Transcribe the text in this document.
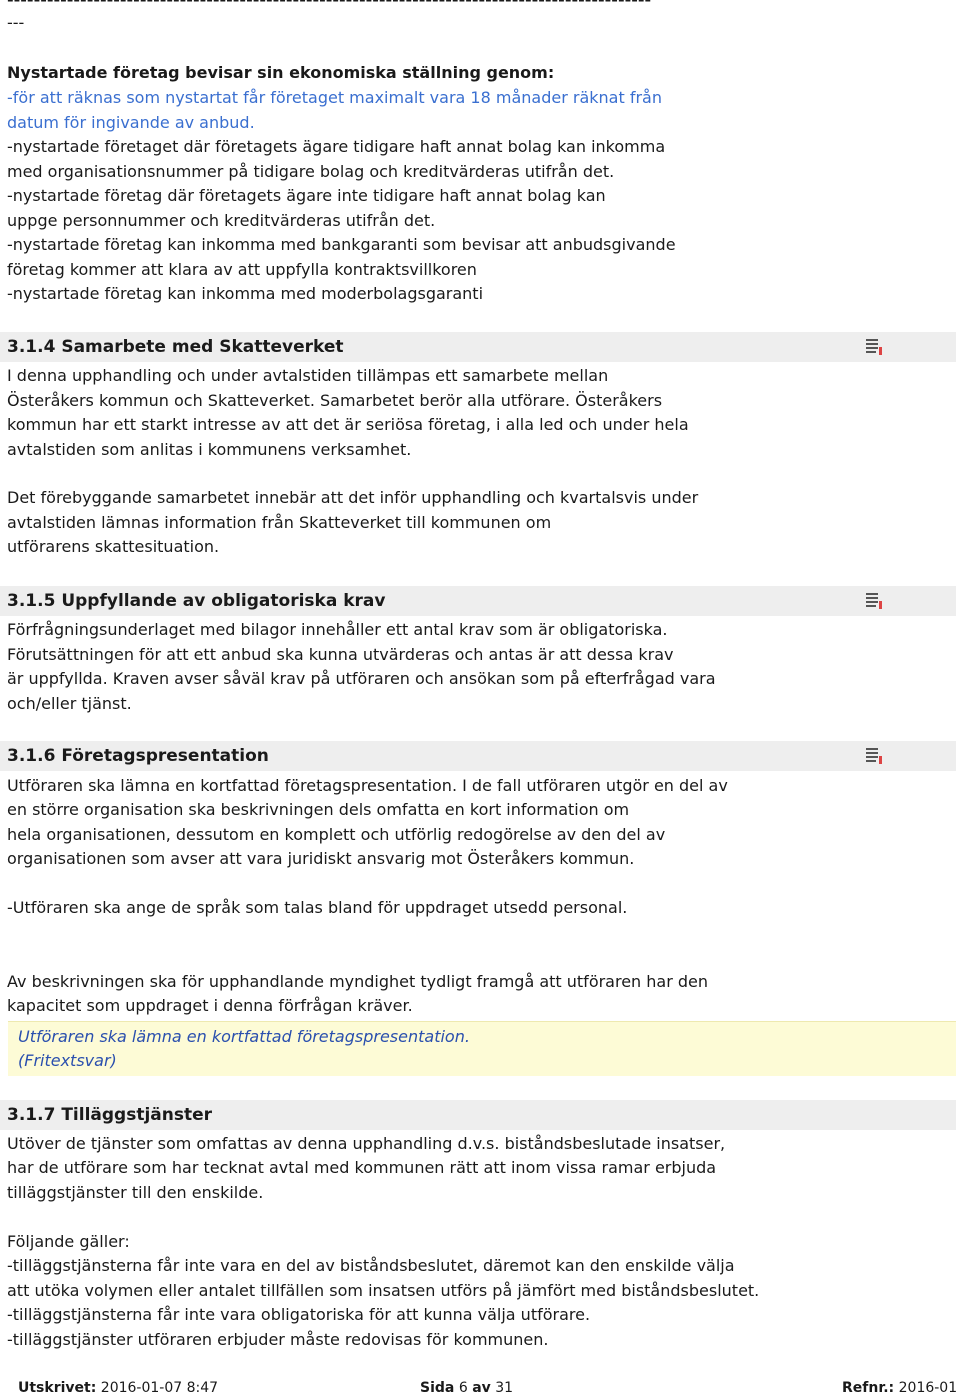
---
Nystartade företag bevisar sin ekonomiska ställning genom:
-för att räknas som nystartat får företaget maximalt vara 18 månader räknat från
datum för ingivande av anbud.
-nystartade företaget där företagets ägare tidigare haft annat bolag kan inkomma
med organisationsnummer på tidigare bolag och kreditvärderas utifrån det.
-nystartade företag där företagets ägare inte tidigare haft annat bolag kan
uppge personnummer och kreditvärderas utifrån det.
-nystartade företag kan inkomma med bankgaranti som bevisar att anbudsgivande
företag kommer att klara av att uppfylla kontraktsvillkoren
-nystartade företag kan inkomma med moderbolagsgaranti
3.1.4 Samarbete med Skatteverket
I denna upphandling och under avtalstiden tillämpas ett samarbete mellan
Österåkers kommun och Skatteverket. Samarbetet berör alla utförare. Österåkers
kommun har ett starkt intresse av att det är seriösa företag, i alla led och under hela
avtalstiden som anlitas i kommunens verksamhet.
Det förebyggande samarbetet innebär att det inför upphandling och kvartalsvis under
avtalstiden lämnas information från Skatteverket till kommunen om
utförarens skattesituation.
3.1.5 Uppfyllande av obligatoriska krav
Förfrågningsunderlaget med bilagor innehåller ett antal krav som är obligatoriska.
Förutsättningen för att ett anbud ska kunna utvärderas och antas är att dessa krav
är uppfyllda. Kraven avser såväl krav på utföraren och ansökan som på efterfrågad vara
och/eller tjänst.
3.1.6 Företagspresentation
Utföraren ska lämna en kortfattad företagspresentation. I de fall utföraren utgör en del av
en större organisation ska beskrivningen dels omfatta en kort information om
hela organisationen, dessutom en komplett och utförlig redogörelse av den del av
organisationen som avser att vara juridiskt ansvarig mot Österåkers kommun.
-Utföraren ska ange de språk som talas bland för uppdraget utsedd personal.
Av beskrivningen ska för upphandlande myndighet tydligt framgå att utföraren har den
kapacitet som uppdraget i denna förfrågan kräver.
Utföraren ska lämna en kortfattad företagspresentation.
(Fritextsvar)
3.1.7 Tilläggstjänster
Utöver de tjänster som omfattas av denna upphandling d.v.s. biståndsbeslutade insatser,
har de utförare som har tecknat avtal med kommunen rätt att inom vissa ramar erbjuda
tilläggstjänster till den enskilde.
Följande gäller:
-tilläggstjänsterna får inte vara en del av biståndsbeslutet, däremot kan den enskilde välja
att utöka volymen eller antalet tillfällen som insatsen utförs på jämfört med biståndsbeslutet.
-tilläggstjänsterna får inte vara obligatoriska för att kunna välja utförare.
-tilläggstjänster utföraren erbjuder måste redovisas för kommunen.
Utskrivet: 2016-01-07 8:47	Sida 6 av 31	Refnr.: 2016-01
